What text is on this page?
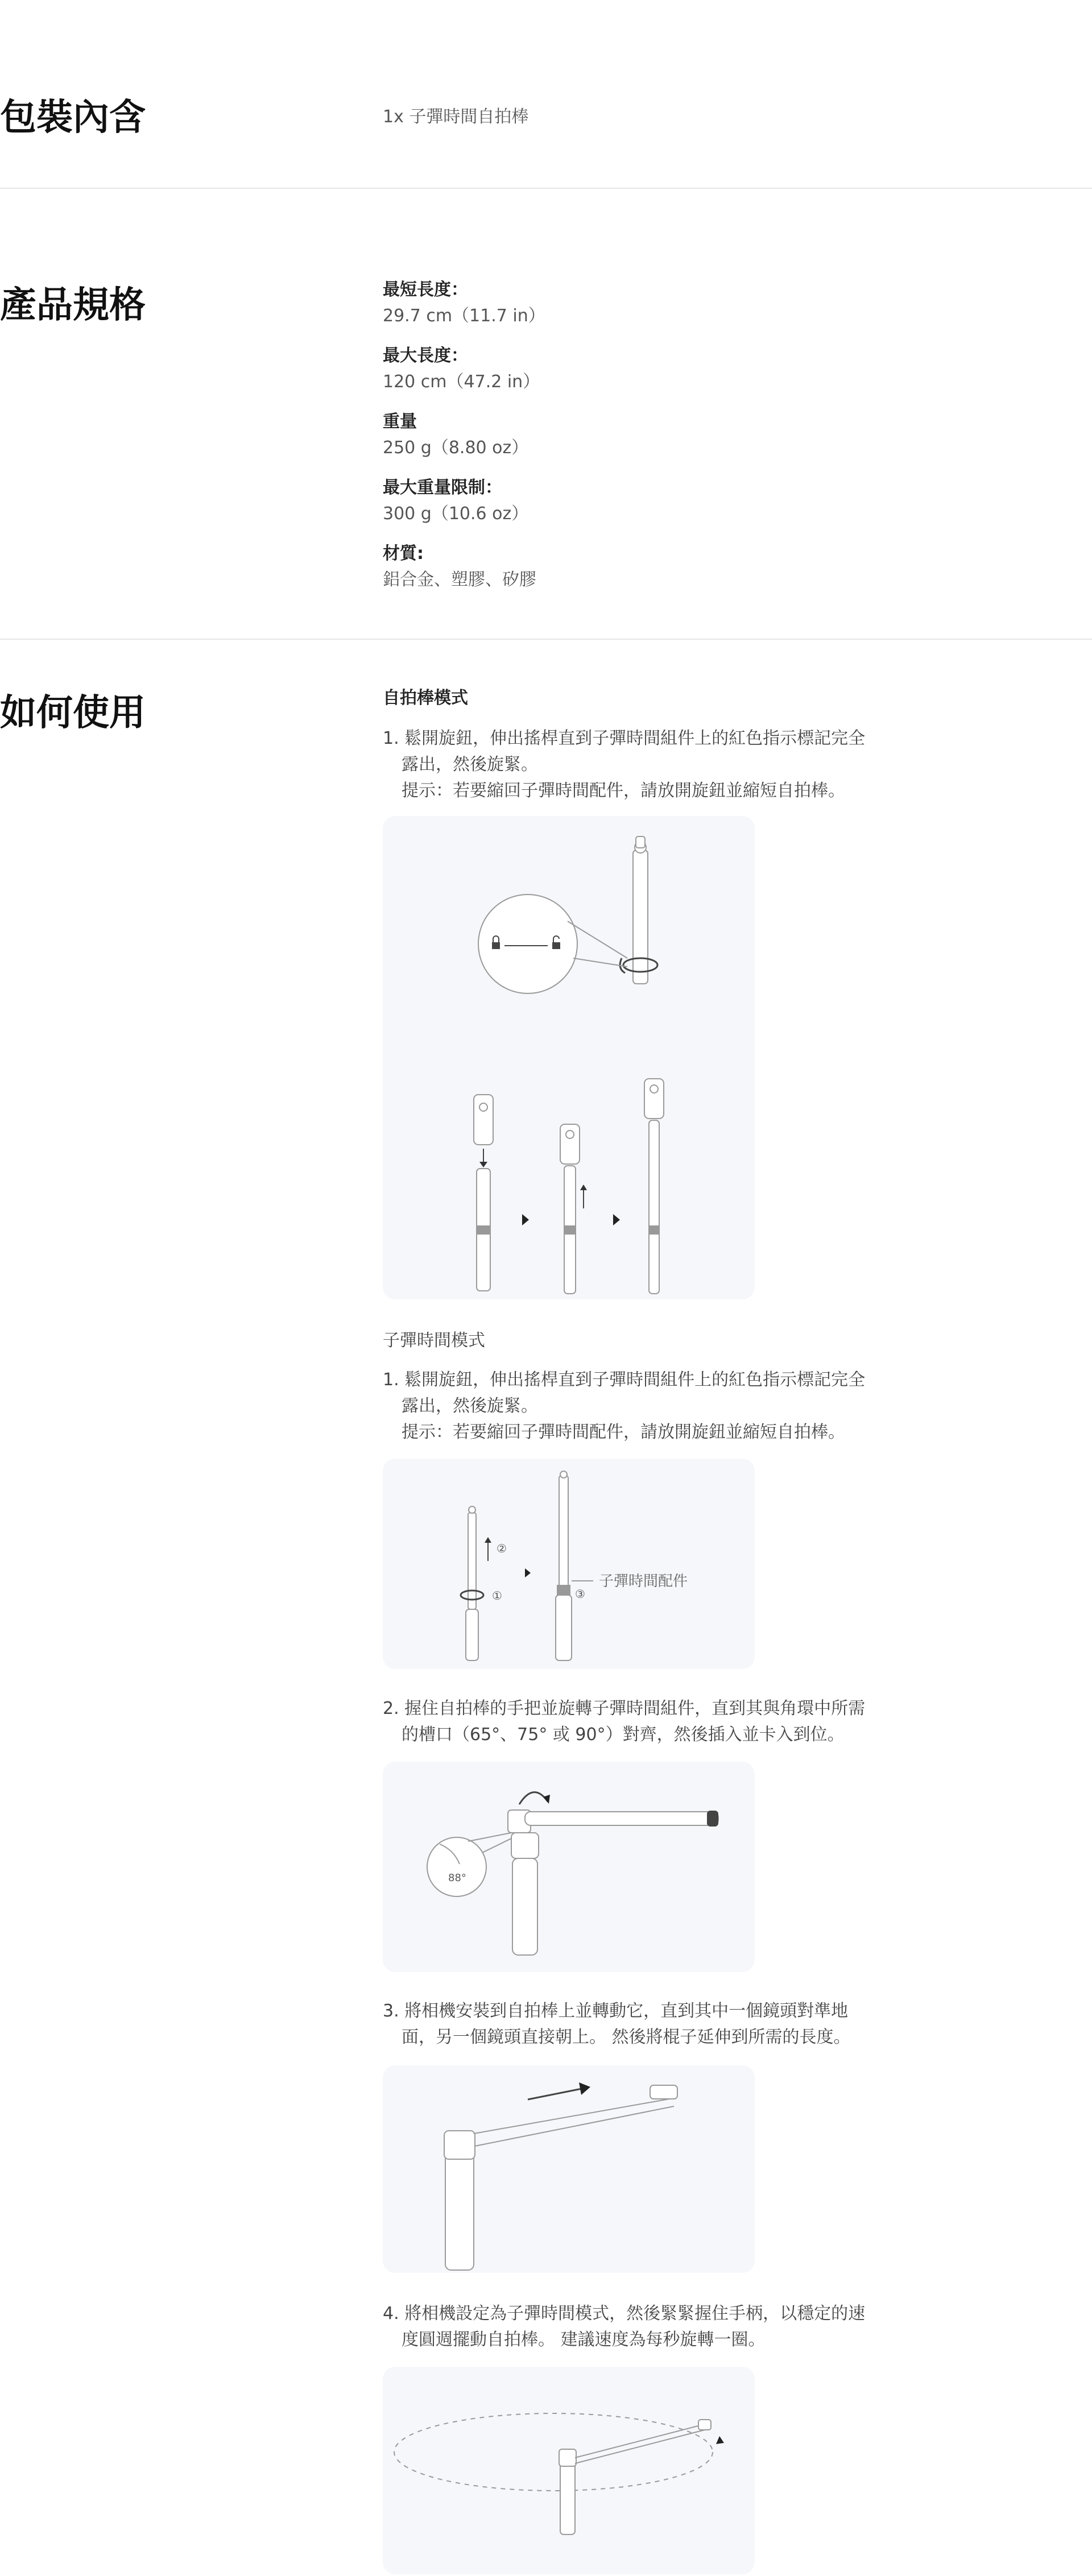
包裝內含	1x 子彈時間自拍棒

產品規格	最短長度：
29.7 cm（11.7 in）
最大長度：
120 cm（47.2 in）
重量
250 g（8.80 oz）
最大重量限制：
300 g（10.6 oz）
材質:
鋁合金、塑膠、矽膠
如何使用	自拍棒模式
1. 鬆開旋鈕，伸出搖桿直到子彈時間組件上的紅色指示標記完全
露出，然後旋緊。
提示：若要縮回子彈時間配件，請放開旋鈕並縮短自拍棒。
子彈時間模式
1. 鬆開旋鈕，伸出搖桿直到子彈時間組件上的紅色指示標記完全
露出，然後旋緊。
提示：若要縮回子彈時間配件，請放開旋鈕並縮短自拍棒。
②
①	③
子彈時間配件
2. 握住自拍棒的手把並旋轉子彈時間組件，直到其與角環中所需
的槽口（65°、75° 或 90°）對齊，然後插入並卡入到位。
88°
3. 將相機安裝到自拍棒上並轉動它，直到其中一個鏡頭對準地
面，另一個鏡頭直接朝上。 然後將棍子延伸到所需的長度。
4. 將相機設定為子彈時間模式，然後緊緊握住手柄，以穩定的速
度圓週擺動自拍棒。 建議速度為每秒旋轉一圈。
